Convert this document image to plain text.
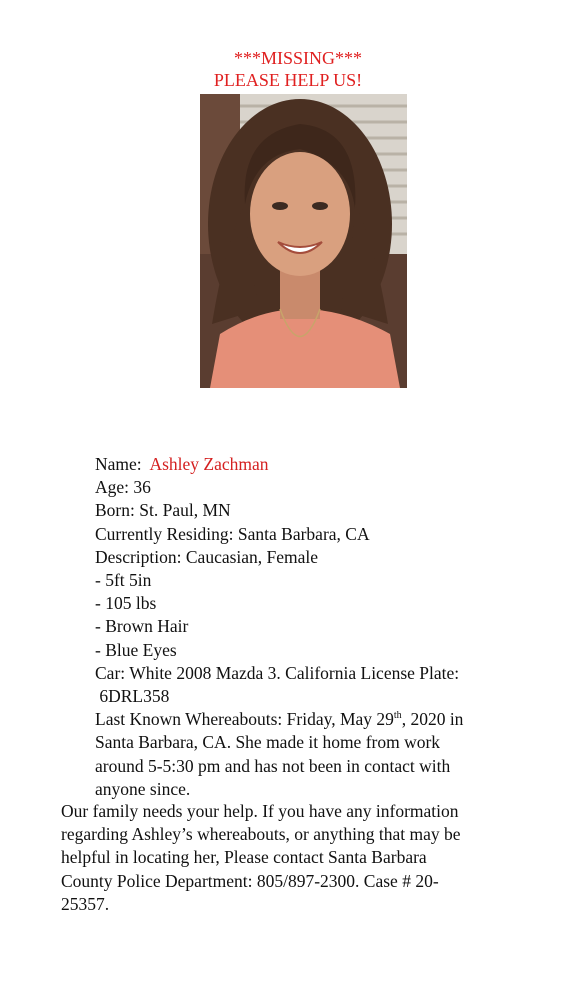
***MISSING***
PLEASE HELP US!
Name: Ashley Zachman
Age: 36
Born: St. Paul, MN
Currently Residing: Santa Barbara, CA
Description: Caucasian, Female
- 5ft 5in
- 105 lbs
- Brown Hair
- Blue Eyes
Car: White 2008 Mazda 3. California License Plate:
6DRL358
Last Known Whereabouts: Friday, May 29th, 2020 in
Santa Barbara, CA. She made it home from work
around 5-5:30 pm and has not been in contact with
anyone since.
Our family needs your help. If you have any information
regarding Ashley’s whereabouts, or anything that may be
helpful in locating her, Please contact Santa Barbara
County Police Department: 805/897-2300. Case # 20-
25357.
